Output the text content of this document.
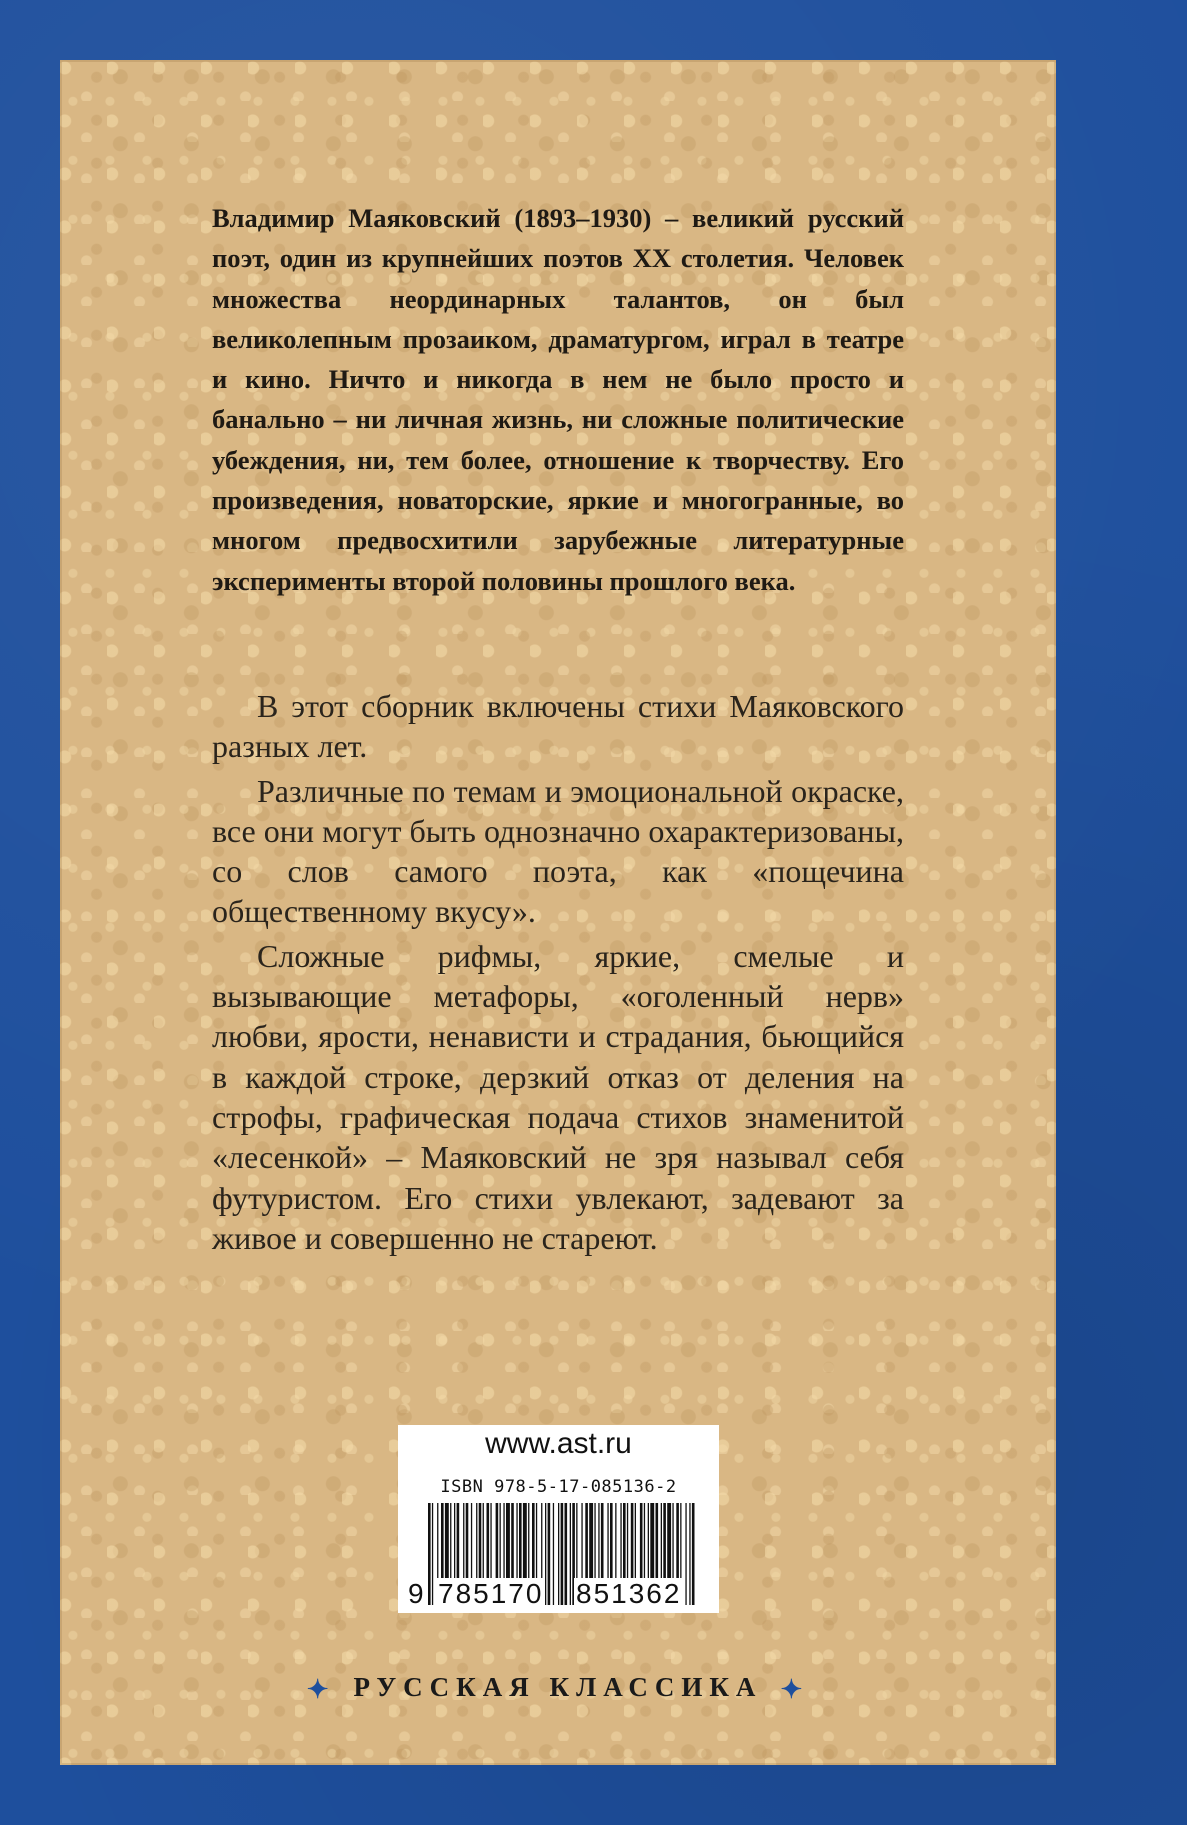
Владимир Маяковский (1893–1930) – великий русский поэт, один из крупнейших поэтов XX столетия. Человек множества неординарных талантов, он был великолепным прозаиком, драматургом, играл в театре и кино. Ничто и никогда в нем не было просто и банально – ни личная жизнь, ни сложные политические убеждения, ни, тем более, отношение к творчеству. Его произведения, новаторские, яркие и многогранные, во многом предвосхитили зарубежные литературные эксперименты второй половины прошлого века.

В этот сборник включены стихи Маяковского разных лет.

Различные по темам и эмоциональной окраске, все они могут быть однозначно охарактеризованы, со слов самого поэта, как «пощечина общественному вкусу».

Сложные рифмы, яркие, смелые и вызывающие метафоры, «оголенный нерв» любви, ярости, ненависти и страдания, бьющийся в каждой строке, дерзкий отказ от деления на строфы, графическая подача стихов знаменитой «лесенкой» – Маяковский не зря называл себя футуристом. Его стихи увлекают, задевают за живое и совершенно не стареют.

www.ast.ru
ISBN 978-5-17-085136-2
9 785170 851362
✦ РУССКАЯ КЛАССИКА ✦
